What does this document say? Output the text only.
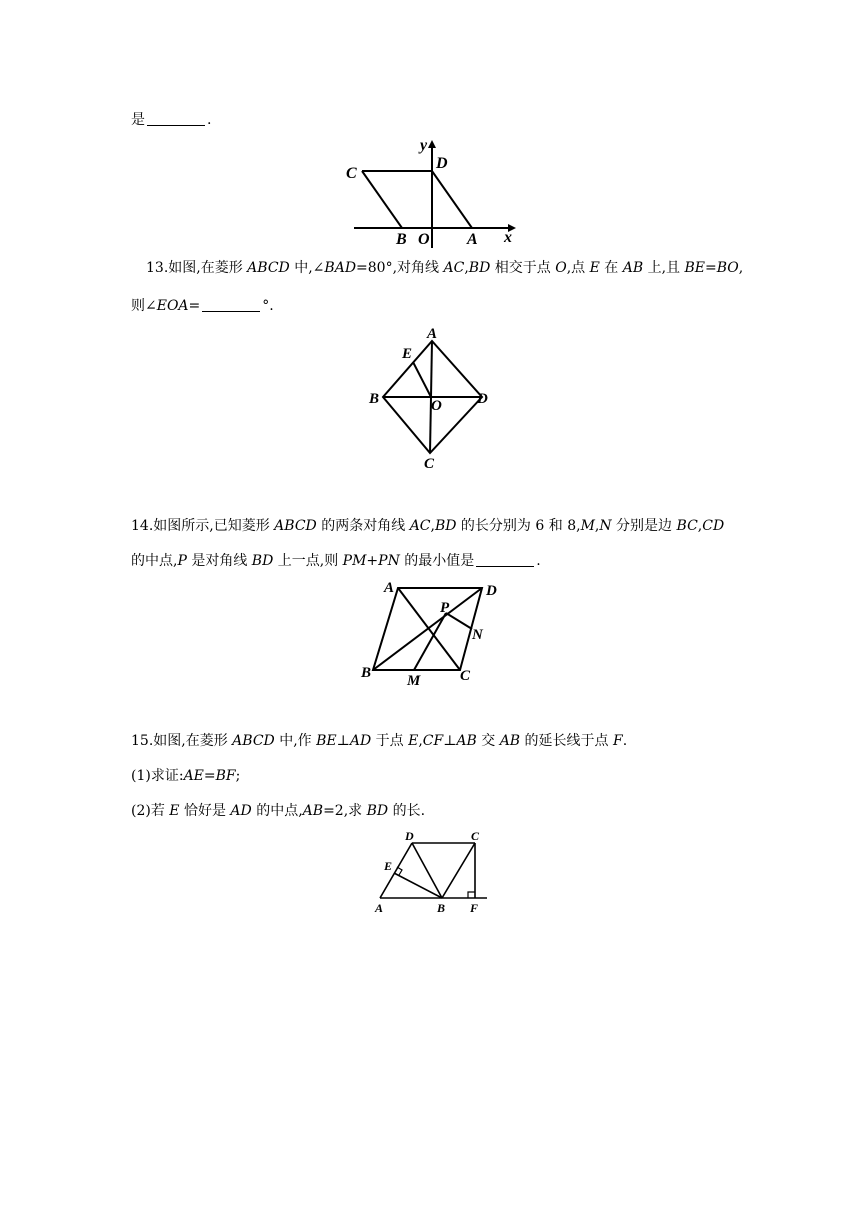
是	.
y
x
C
D
B O A
13.如图,在菱形 ABCD 中,∠BAD=80°,对角线 AC,BD 相交于点 O,点 E 在 AB 上,且 BE=BO,
则∠EOA=	°.
A
E
B	O D
C
14.如图所示,已知菱形 ABCD 的两条对角线 AC,BD 的长分别为 6 和 8,M,N 分别是边 BC,CD
的中点,P 是对角线 BD 上一点,则 PM+PN 的最小值是	.
A	D
P
N
B M	C
15.如图,在菱形 ABCD 中,作 BE⊥AD 于点 E,CF⊥AB 交 AB 的延长线于点 F.
(1)求证:AE=BF;
(2)若 E 恰好是 AD 的中点,AB=2,求 BD 的长.
D	C
E
A	B F
